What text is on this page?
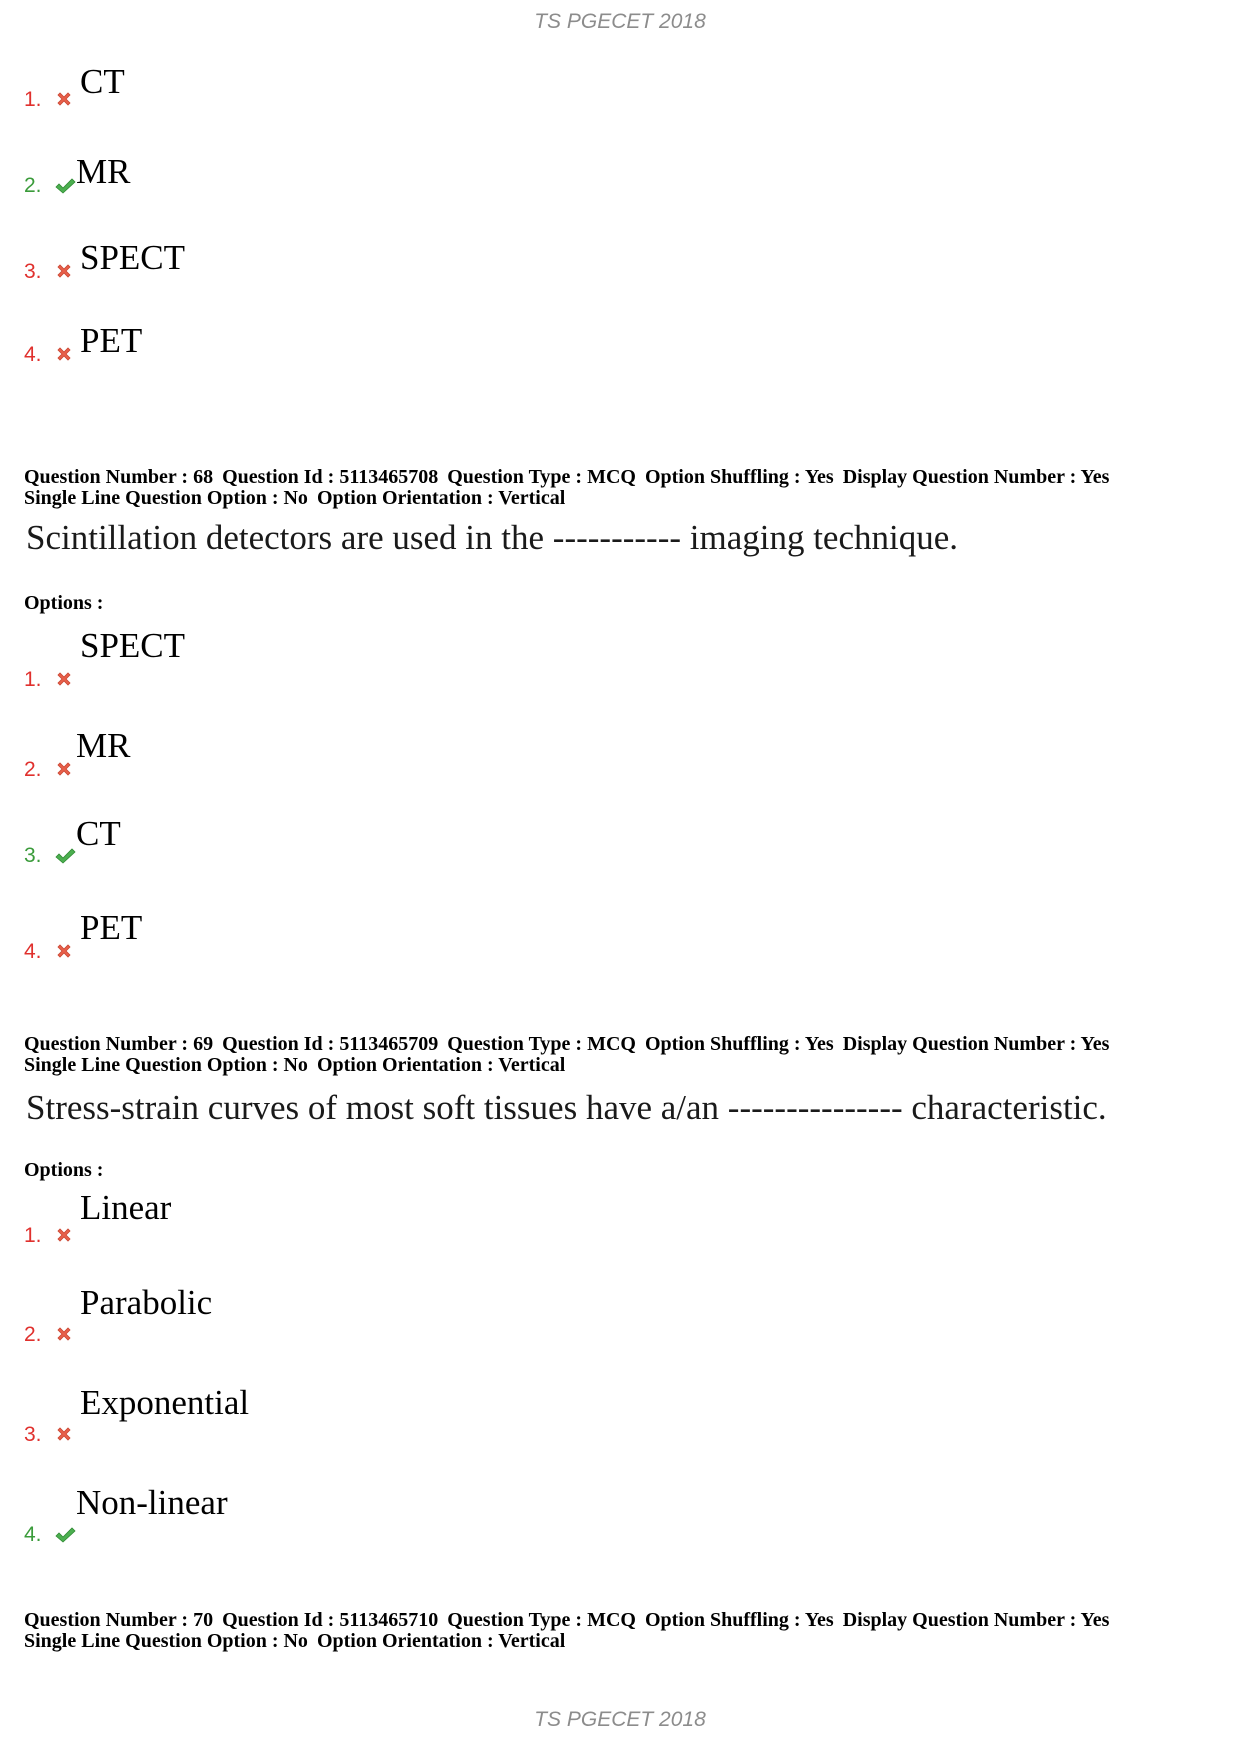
TS PGECET 2018
1. CT
2. MR
3. SPECT
4. PET
Question Number : 68 Question Id : 5113465708 Question Type : MCQ Option Shuffling : Yes Display Question Number : Yes
Single Line Question Option : No Option Orientation : Vertical
Scintillation detectors are used in the ----------- imaging technique.
Options :
1.
SPECT
2.
MR
3.
CT
4.
PET
Question Number : 69 Question Id : 5113465709 Question Type : MCQ Option Shuffling : Yes Display Question Number : Yes
Single Line Question Option : No Option Orientation : Vertical
Stress-strain curves of most soft tissues have a/an --------------- characteristic.
Options :
1.
Linear
2.
Parabolic
3.
Exponential
4.
Non-linear
Question Number : 70 Question Id : 5113465710 Question Type : MCQ Option Shuffling : Yes Display Question Number : Yes
Single Line Question Option : No Option Orientation : Vertical
TS PGECET 2018
